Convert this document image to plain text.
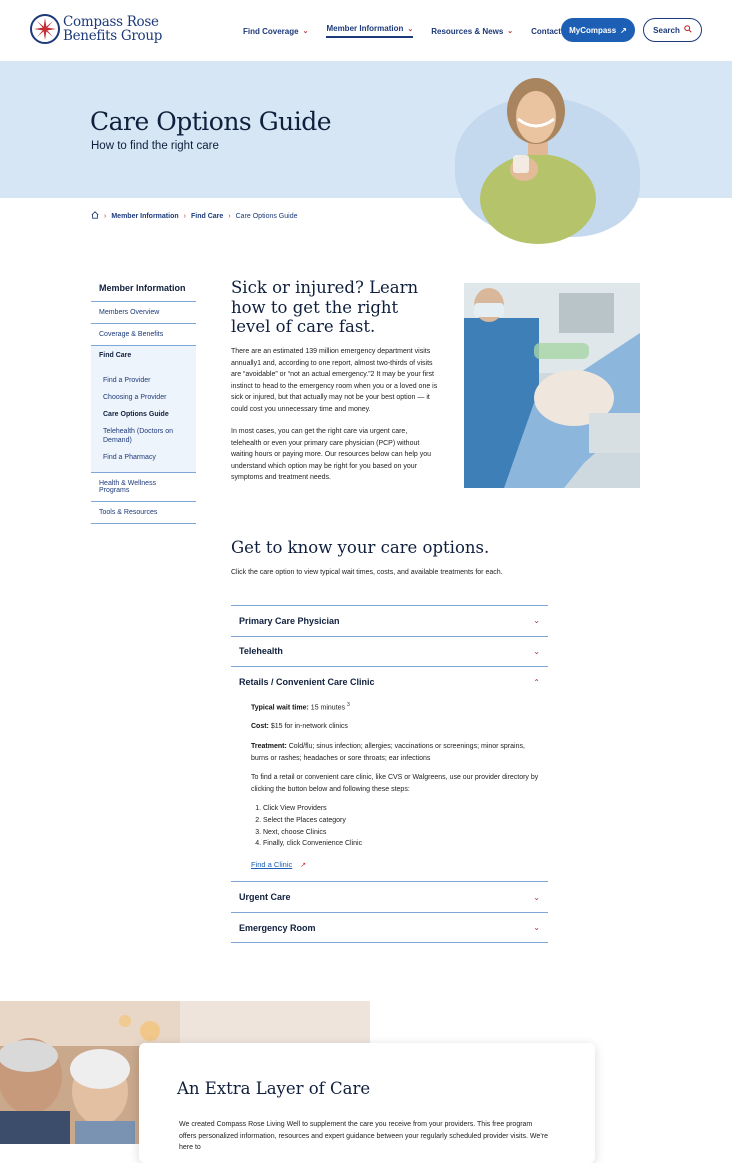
Compass Rose
Benefits Group	Find Coverage ⌄ Member Information ⌄ Resources & News ⌄ Contact MyCompass ↗	Search
Care Options Guide
How to find the right care
› Member Information › Find Care › Care Options Guide
Member Information
Members Overview
Coverage & Benefits
Find Care
Find a Provider
Choosing a Provider
Care Options Guide
Telehealth (Doctors on Demand)
Find a Pharmacy
Health & Wellness Programs
Tools & Resources
Sick or injured? Learn how to get the right level of care fast.

There are an estimated 139 million emergency department visits annually1 and, according to one report, almost two-thirds of visits are “avoidable” or “not an actual emergency.”2 It may be your first instinct to head to the emergency room when you or a loved one is sick or injured, but that actually may not be your best option — it could cost you unnecessary time and money.

In most cases, you can get the right care via urgent care, telehealth or even your primary care physician (PCP) without waiting hours or paying more. Our resources below can help you understand which option may be right for you based on your symptoms and treatment needs.

Get to know your care options.

Click the care option to view typical wait times, costs, and available treatments for each.

Primary Care Physician	⌄
Telehealth	⌄
Retails / Convenient Care Clinic	⌃
Typical wait time: 15 minutes $^3$
Cost: $15 for in-network clinics
Treatment: Cold/flu; sinus infection; allergies; vaccinations or screenings; minor sprains, burns or rashes; headaches or sore throats; ear infections
To find a retail or convenient care clinic, like CVS or Walgreens, use our provider directory by clicking the button below and following these steps:
1. Click View Providers
2. Select the Places category
3. Next, choose Clinics
4. Finally, click Convenience Clinic
Find a Clinic ↗
Urgent Care	⌄
Emergency Room	⌄
An Extra Layer of Care

We created Compass Rose Living Well to supplement the care you receive from your providers. This free program offers personalized information, resources and expert guidance between your regularly scheduled provider visits. We’re here to
